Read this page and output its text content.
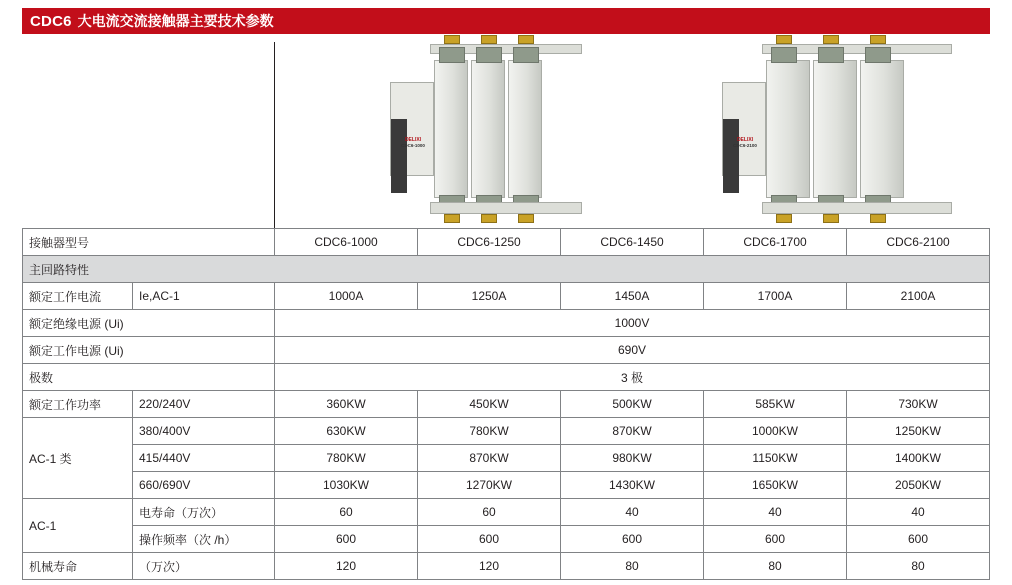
CDC6 大电流交流接触器主要技术参数
DELIXI
CDC6-1000
DELIXI
CDC6-2100
接触器型号		CDC6-1000	CDC6-1250	CDC6-1450	CDC6-1700	CDC6-2100
主回路特性						
额定工作电流	Ie,AC-1	1000A	1250A	1450A	1700A	2100A
额定绝缘电源 (Ui)		1000V				
额定工作电源 (Ui)		690V				
极数		3 极				
额定工作功率	220/240V	360KW	450KW	500KW	585KW	730KW
AC-1 类	380/400V	630KW	780KW	870KW	1000KW	1250KW
	415/440V	780KW	870KW	980KW	1150KW	1400KW
	660/690V	1030KW	1270KW	1430KW	1650KW	2050KW
AC-1	电寿命（万次）	60	60	40	40	40
	操作频率（次 /h）	600	600	600	600	600
机械寿命	（万次）	120	120	80	80	80
